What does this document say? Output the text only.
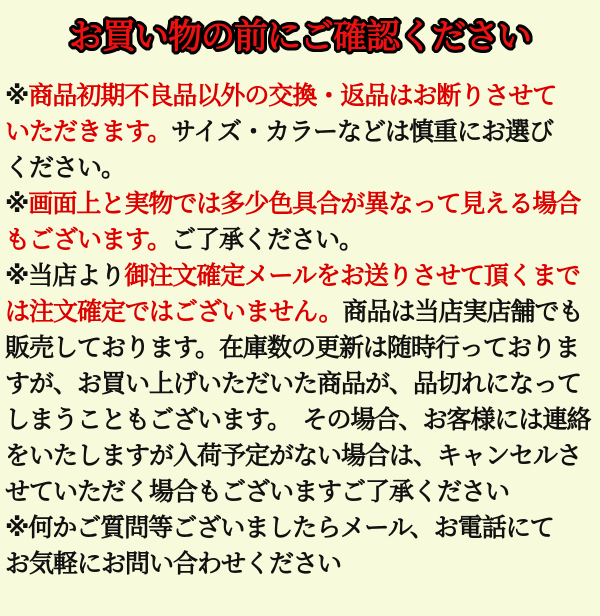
お買い物の前にご確認ください
※商品初期不良品以外の交換・返品はお断りさせて
いただきます。サイズ・カラーなどは慎重にお選び
ください。
※画面上と実物では多少色具合が異なって見える場合
もございます。ご了承ください。
※当店より御注文確定メールをお送りさせて頂くまで
は注文確定ではございません。商品は当店実店舗でも
販売しております。在庫数の更新は随時行っておりま
すが、お買い上げいただいた商品が、品切れになって
しまうこともございます。　その場合、お客様には連絡
をいたしますが入荷予定がない場合は、キャンセルさ
せていただく場合もございますご了承ください
※何かご質問等ございましたらメール、お電話にて
お気軽にお問い合わせください
